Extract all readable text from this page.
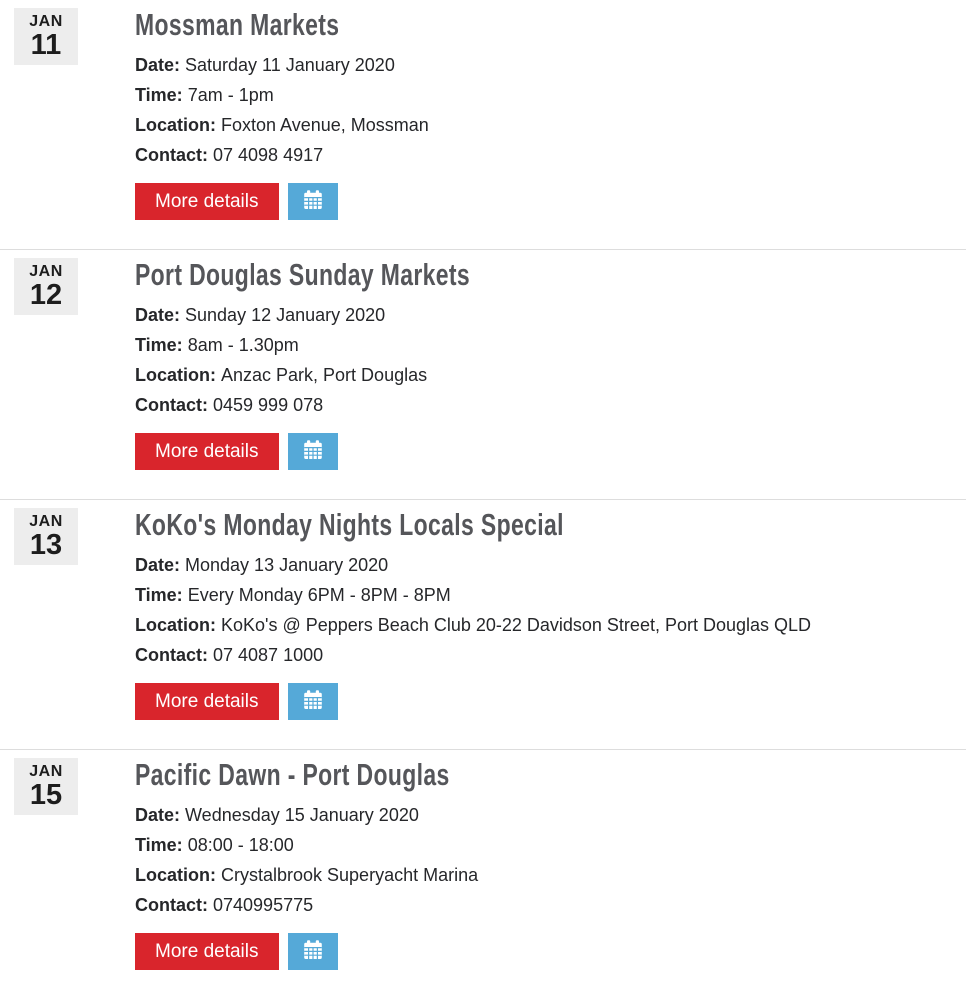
JAN
11
Mossman Markets
Date: Saturday 11 January 2020
Time: 7am - 1pm
Location: Foxton Avenue, Mossman
Contact: 07 4098 4917
More details
JAN
12
Port Douglas Sunday Markets
Date: Sunday 12 January 2020
Time: 8am - 1.30pm
Location: Anzac Park, Port Douglas
Contact: 0459 999 078
More details
JAN
13
KoKo's Monday Nights Locals Special
Date: Monday 13 January 2020
Time: Every Monday 6PM - 8PM - 8PM
Location: KoKo's @ Peppers Beach Club 20-22 Davidson Street, Port Douglas QLD
Contact: 07 4087 1000
More details
JAN
15
Pacific Dawn - Port Douglas
Date: Wednesday 15 January 2020
Time: 08:00 - 18:00
Location: Crystalbrook Superyacht Marina
Contact: 0740995775
More details
